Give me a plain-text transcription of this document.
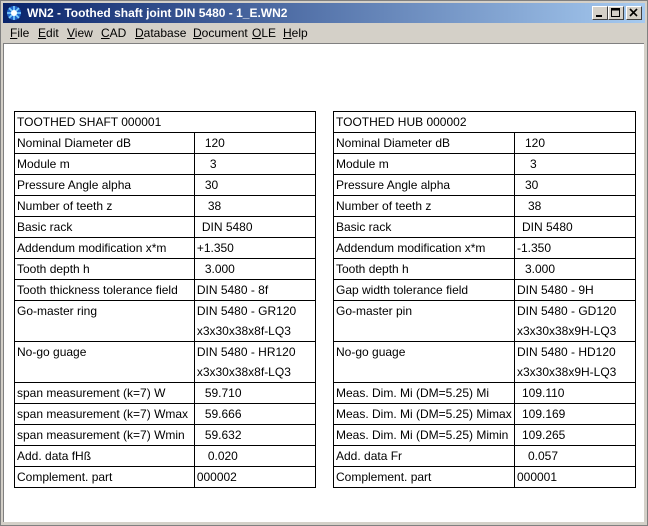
WN2 - Toothed shaft joint DIN 5480 - 1_E.WN2
File Edit View CAD Database Document OLE Help
TOOTHED SHAFT 000001	
Nominal Diameter dB	120
Module m	3
Pressure Angle alpha	30
Number of teeth z	38
Basic rack	DIN 5480
Addendum modification x*m	+1.350
Tooth depth h	3.000
Tooth thickness tolerance field	DIN 5480 - 8f
Go-master ring	DIN 5480 - GR120
x3x30x38x8f-LQ3

No-go guage	DIN 5480 - HR120
x3x30x38x8f-LQ3

span measurement (k=7) W	59.710
span measurement (k=7) Wmax	59.666
span measurement (k=7) Wmin	59.632
Add. data fHß	0.020
Complement. part	000002
TOOTHED HUB 000002	
Nominal Diameter dB	120
Module m	3
Pressure Angle alpha	30
Number of teeth z	38
Basic rack	DIN 5480
Addendum modification x*m	-1.350
Tooth depth h	3.000
Gap width tolerance field	DIN 5480 - 9H
Go-master pin	DIN 5480 - GD120
x3x30x38x9H-LQ3

No-go guage	DIN 5480 - HD120
x3x30x38x9H-LQ3

Meas. Dim. Mi (DM=5.25) Mi	109.110
Meas. Dim. Mi (DM=5.25) Mimax	109.169
Meas. Dim. Mi (DM=5.25) Mimin	109.265
Add. data Fr	0.057
Complement. part	000001
